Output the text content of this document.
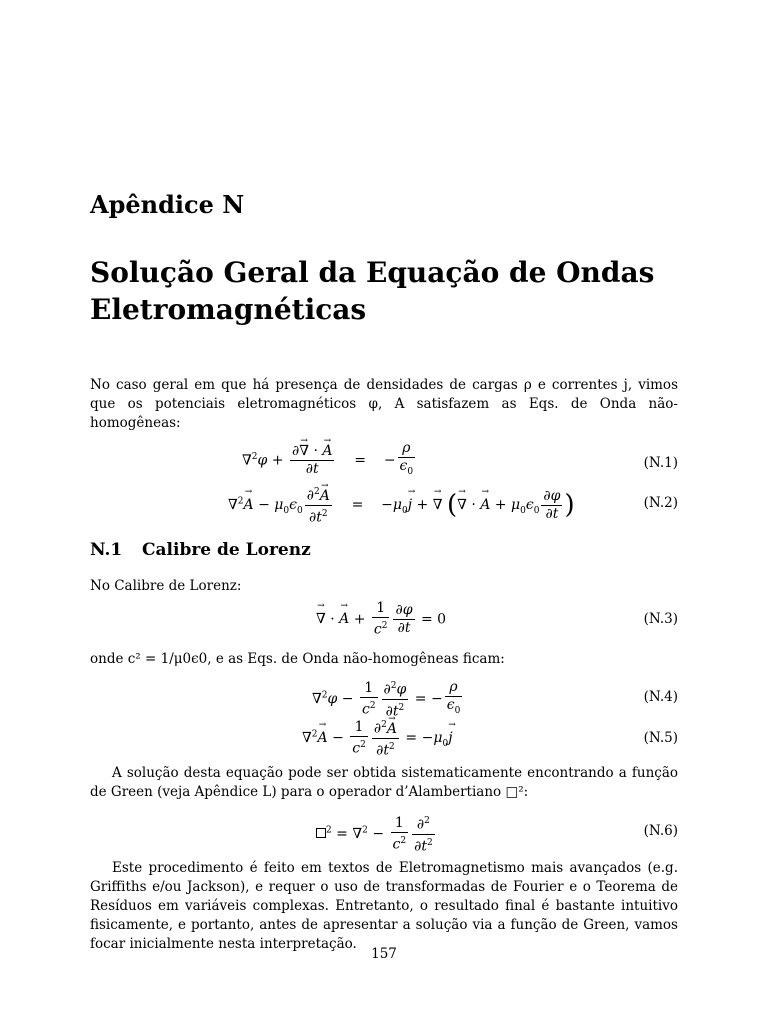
Apêndice N
Solução Geral da Equação de Ondas
Eletromagnéticas
No caso geral em que há presença de densidades de cargas ρ e correntes j, vimos que os potenciais eletromagnéticos φ, A satisfazem as Eqs. de Onda não-homogêneas:
$\nabla^2\varphi + \frac{\partial\to \nabla \cdot \to A}{\partial t}$ =    − $\frac{\rho}{\epsilon_0}$	(N.1)
$\nabla^2\to A - \mu_0\epsilon_0 \frac{\partial^2\to A}{\partial t^2}$ =    $-\mu_0\to j$ + → ∇ (→ ∇ · → $A + \mu_0\epsilon_0 \frac{\partial\varphi}{\partial t}$ )	(N.2)
N.1 Calibre de Lorenz
No Calibre de Lorenz:
→ ∇ · → $A + \frac{1}{c^2} \frac{\partial\varphi}{\partial t} = 0$	(N.3)
onde c² = 1/μ0ϵ0, e as Eqs. de Onda não-homogêneas ficam:
$\nabla^2\varphi - \frac{1}{c^2} \frac{\partial^2\varphi}{\partial t^2}$ = − $\frac{\rho}{\epsilon_0}$	(N.4)
$\nabla^2\to A - \frac{1}{c^2} \frac{\partial^2\to A}{\partial t^2} = -\mu_0\to j$	(N.5)
A solução desta equação pode ser obtida sistematicamente encontrando a função de Green (veja Apêndice L) para o operador d’Alambertiano □²:
$^2 = \nabla^2 - \frac{1}{c^2} \frac{\partial^2}{\partial t^2}$	(N.6)
Este procedimento é feito em textos de Eletromagnetismo mais avançados (e.g. Griffiths e/ou Jackson), e requer o uso de transformadas de Fourier e o Teorema de Resíduos em variáveis complexas. Entretanto, o resultado final é bastante intuitivo fisicamente, e portanto, antes de apresentar a solução via a função de Green, vamos focar inicialmente nesta interpretação.
157
